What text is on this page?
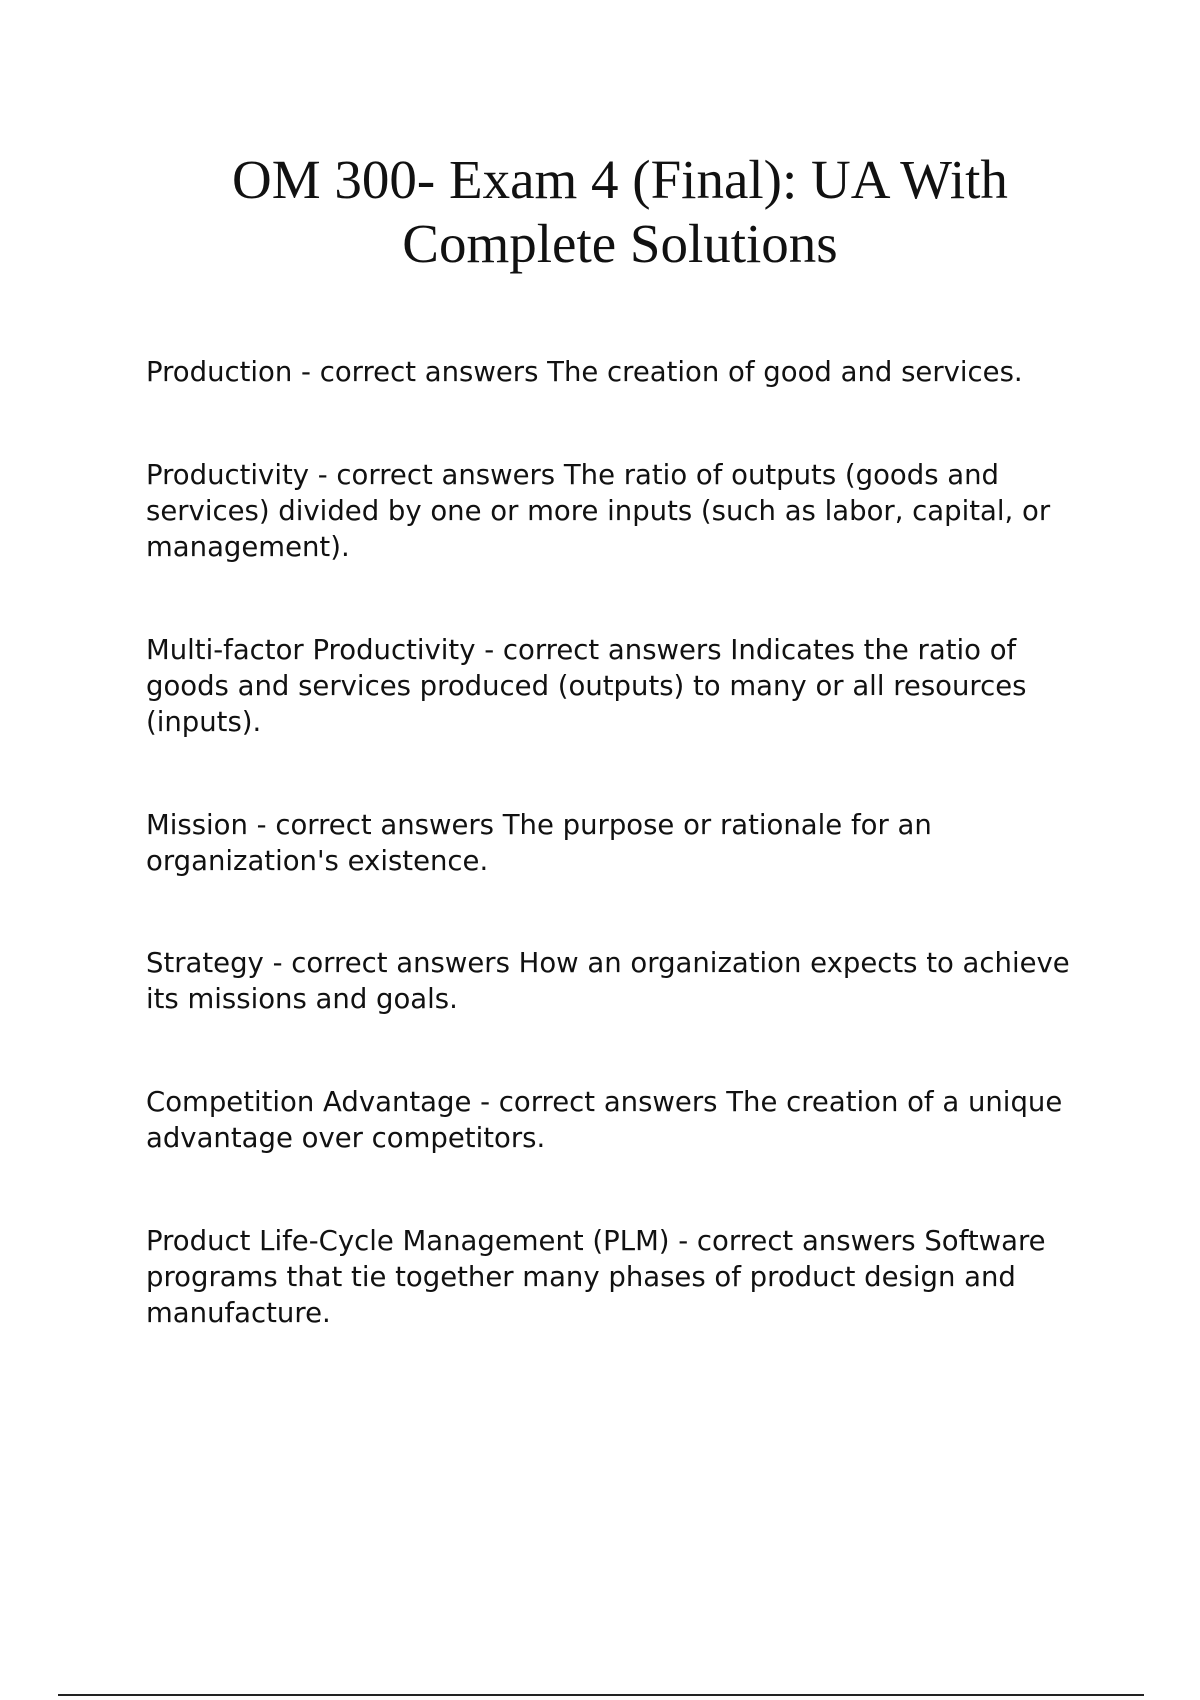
OM 300- Exam 4 (Final): UA With
Complete Solutions

Production - correct answers The creation of good and services.

Productivity - correct answers The ratio of outputs (goods and services) divided by one or more inputs (such as labor, capital, or management).

Multi-factor Productivity - correct answers Indicates the ratio of goods and services produced (outputs) to many or all resources (inputs).

Mission - correct answers The purpose or rationale for an organization's existence.

Strategy - correct answers How an organization expects to achieve its missions and goals.

Competition Advantage - correct answers The creation of a unique advantage over competitors.

Product Life-Cycle Management (PLM) - correct answers Software programs that tie together many phases of product design and manufacture.
